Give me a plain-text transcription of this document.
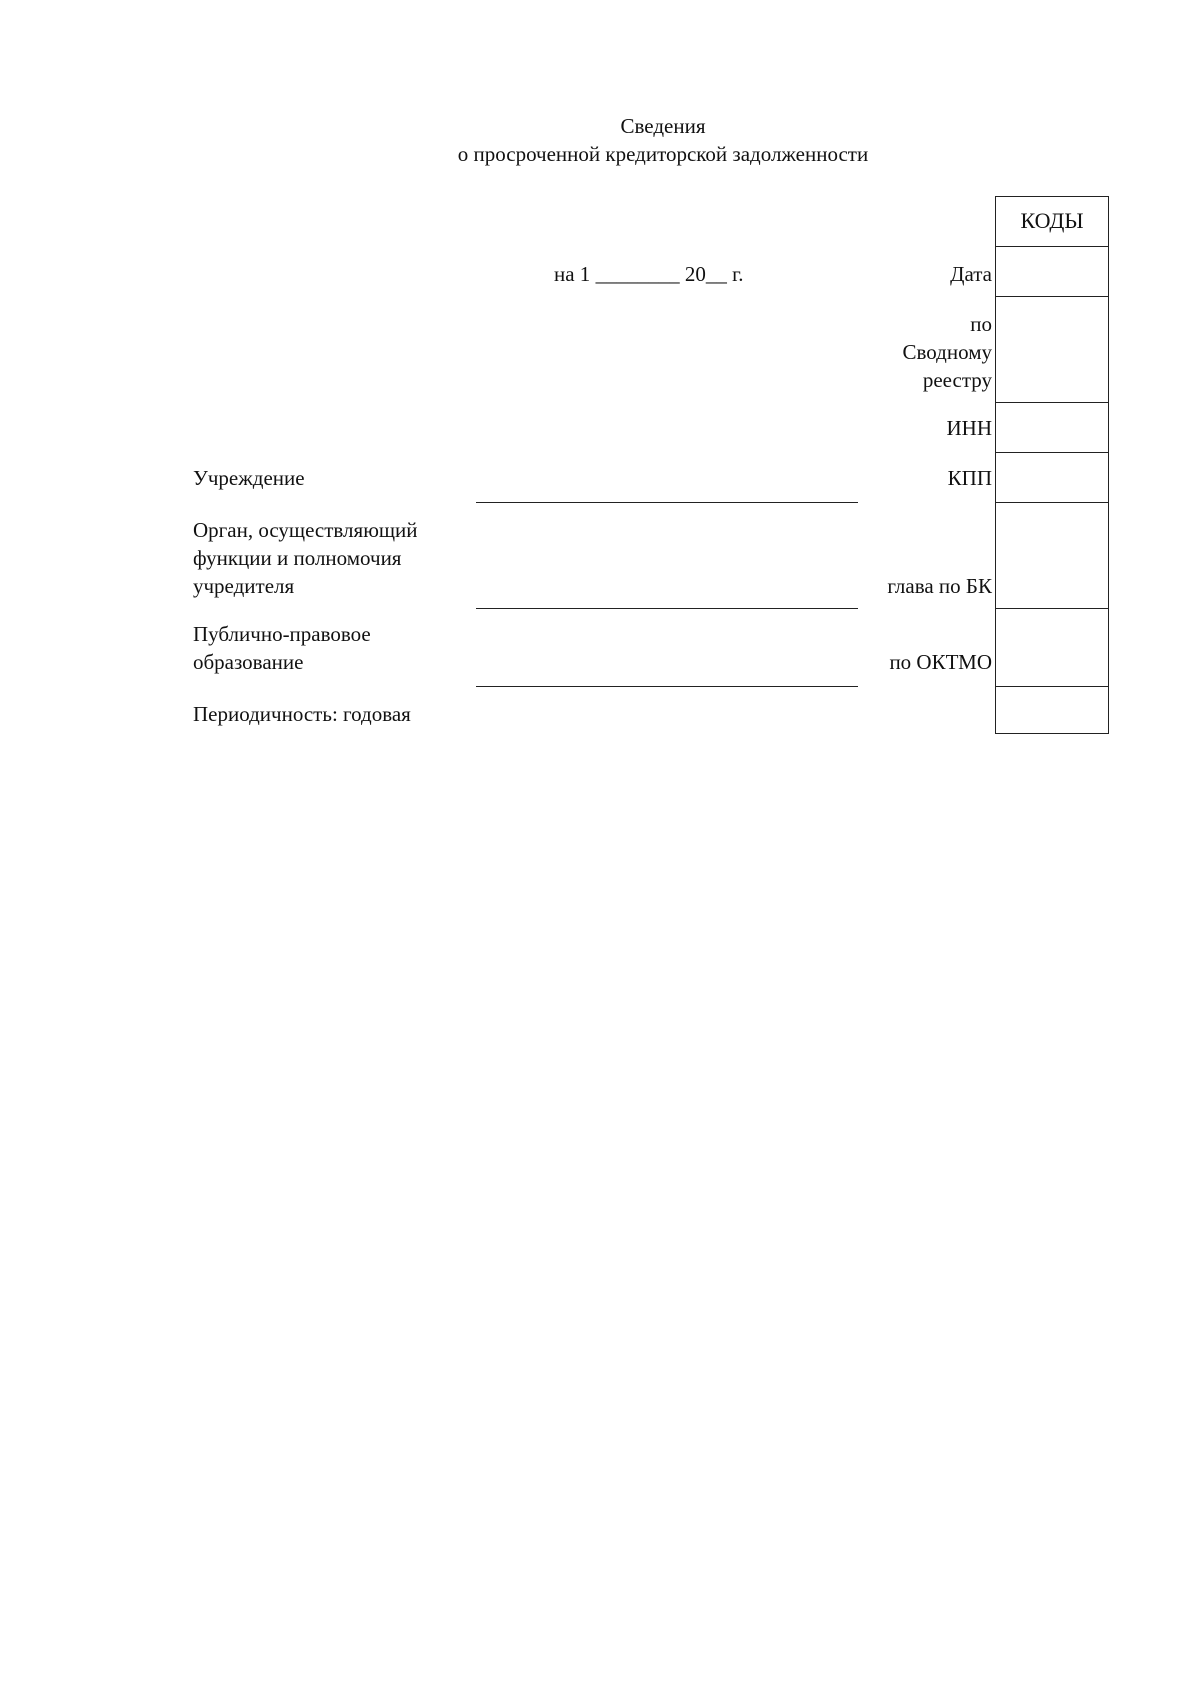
Сведения
о просроченной кредиторской задолженности
на 1 ________ 20__ г.
КОДЫ
Дата
по
Сводному
реестру
ИНН
КПП
глава по БК
по ОКТМО
Учреждение
Орган, осуществляющий
функции и полномочия
учредителя
Публично-правовое
образование
Периодичность: годовая
